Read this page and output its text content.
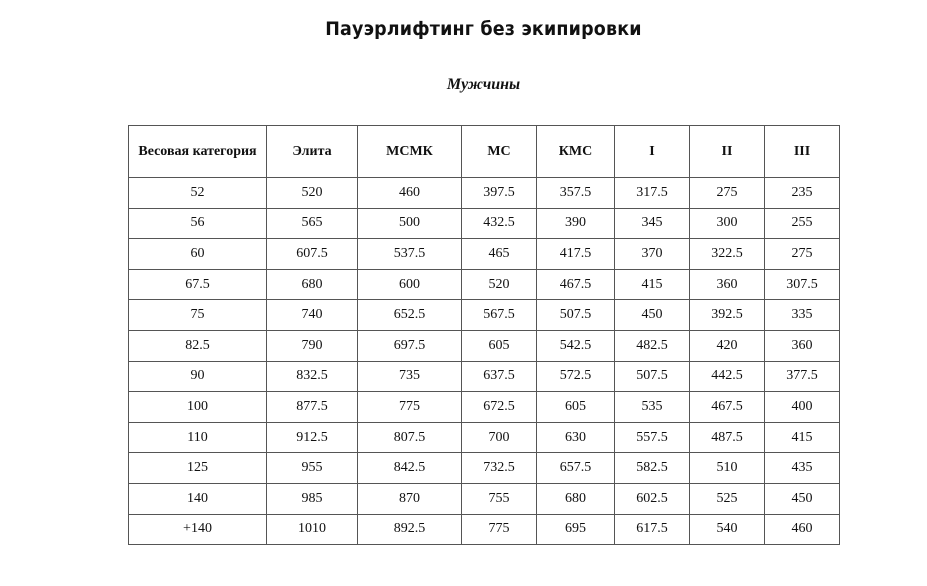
Пауэрлифтинг без экипировки
Мужчины
Весовая категория	Элита	МСМК	МС	КМС	I	II	III
52	520	460	397.5	357.5	317.5	275	235
56	565	500	432.5	390	345	300	255
60	607.5	537.5	465	417.5	370	322.5	275
67.5	680	600	520	467.5	415	360	307.5
75	740	652.5	567.5	507.5	450	392.5	335
82.5	790	697.5	605	542.5	482.5	420	360
90	832.5	735	637.5	572.5	507.5	442.5	377.5
100	877.5	775	672.5	605	535	467.5	400
110	912.5	807.5	700	630	557.5	487.5	415
125	955	842.5	732.5	657.5	582.5	510	435
140	985	870	755	680	602.5	525	450
+140	1010	892.5	775	695	617.5	540	460
